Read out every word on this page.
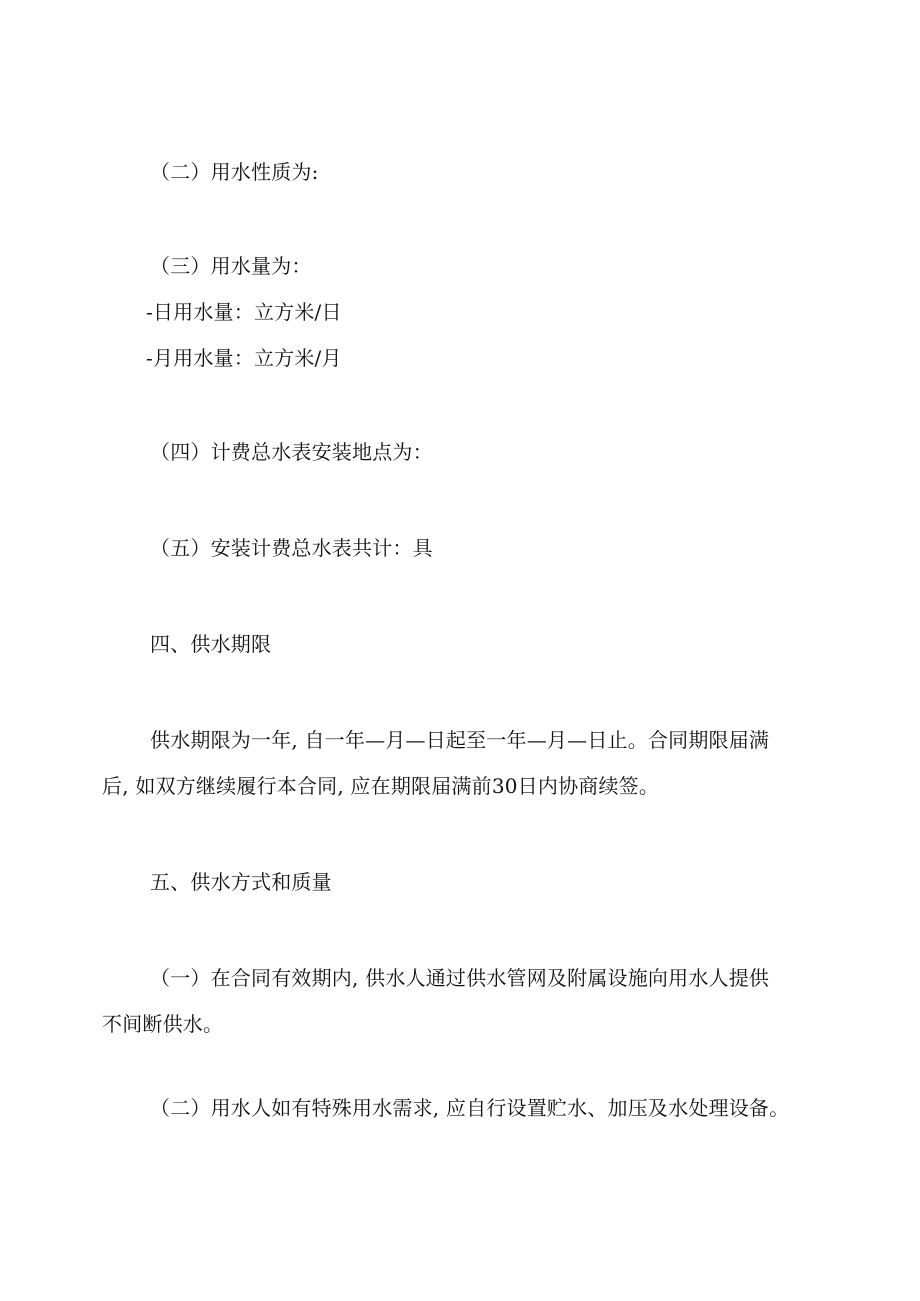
（二）用水性质为:
（三）用水量为：
-日用水量：立方米/日
-月用水量：立方米/月
（四）计费总水表安装地点为：
（五）安装计费总水表共计：具
四、供水期限
供水期限为一年, 自一年—月—日起至一年—月—日止。合同期限届满
后, 如双方继续履行本合同, 应在期限届满前30日内协商续签。
五、供水方式和质量
（一）在合同有效期内, 供水人通过供水管网及附属设施向用水人提供
不间断供水。
（二）用水人如有特殊用水需求, 应自行设置贮水、加压及水处理设备。
